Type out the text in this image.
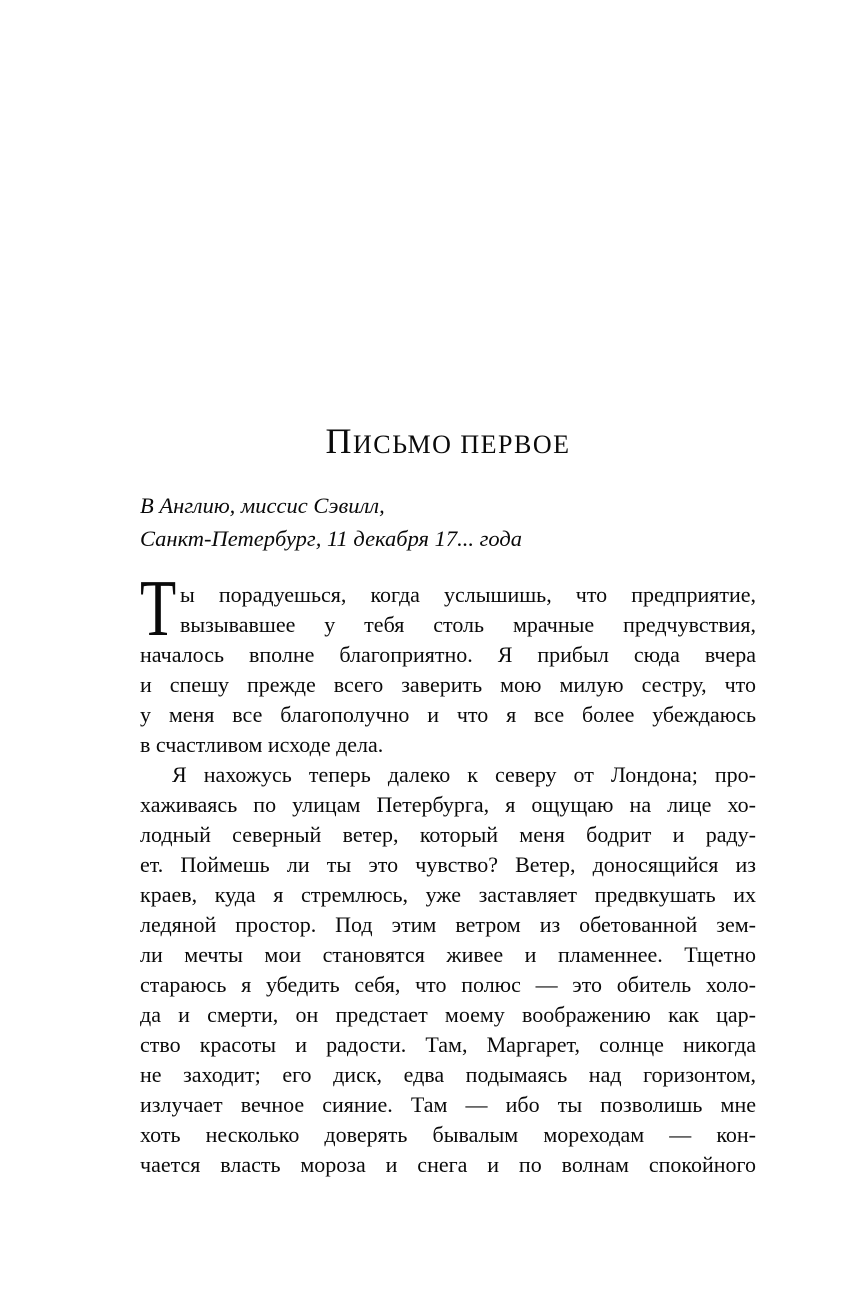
ПИСЬМО ПЕРВОЕ
В Англию, миссис Сэвилл,
Санкт-Петербург, 11 декабря 17... года
Т ы порадуешься, когда услышишь, что предприятие,
вызывавшее у тебя столь мрачные предчувствия,
началось вполне благоприятно. Я прибыл сюда вчера
и спешу прежде всего заверить мою милую сестру, что
у меня все благополучно и что я все более убеждаюсь
в счастливом исходе дела.
Я нахожусь теперь далеко к северу от Лондона; про-
хаживаясь по улицам Петербурга, я ощущаю на лице хо-
лодный северный ветер, который меня бодрит и раду-
ет. Поймешь ли ты это чувство? Ветер, доносящийся из
краев, куда я стремлюсь, уже заставляет предвкушать их
ледяной простор. Под этим ветром из обетованной зем-
ли мечты мои становятся живее и пламеннее. Тщетно
стараюсь я убедить себя, что полюс — это обитель холо-
да и смерти, он предстает моему воображению как цар-
ство красоты и радости. Там, Маргарет, солнце никогда
не заходит; его диск, едва подымаясь над горизонтом,
излучает вечное сияние. Там — ибо ты позволишь мне
хоть несколько доверять бывалым мореходам — кон-
чается власть мороза и снега и по волнам спокойного
